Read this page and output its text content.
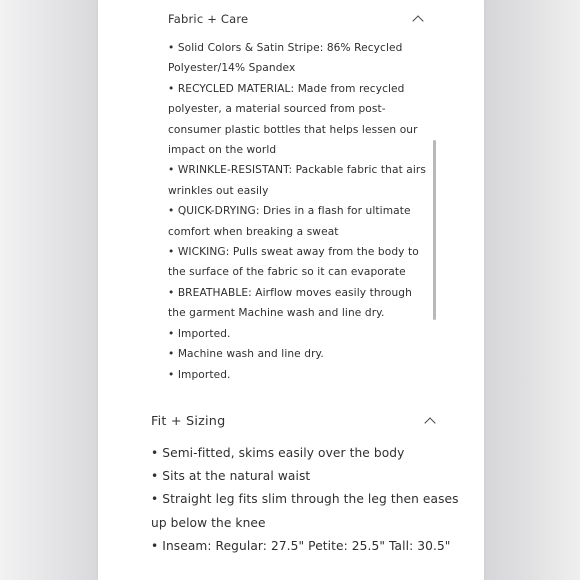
Fabric + Care
• Solid Colors & Satin Stripe: 86% Recycled
Polyester/14% Spandex
• RECYCLED MATERIAL: Made from recycled
polyester, a material sourced from post-
consumer plastic bottles that helps lessen our
impact on the world
• WRINKLE-RESISTANT: Packable fabric that airs
wrinkles out easily
• QUICK-DRYING: Dries in a flash for ultimate
comfort when breaking a sweat
• WICKING: Pulls sweat away from the body to
the surface of the fabric so it can evaporate
• BREATHABLE: Airflow moves easily through
the garment Machine wash and line dry.
• Imported.
• Machine wash and line dry.
• Imported.
Fit + Sizing
• Semi-fitted, skims easily over the body
• Sits at the natural waist
• Straight leg fits slim through the leg then eases
up below the knee
• Inseam: Regular: 27.5" Petite: 25.5" Tall: 30.5"
